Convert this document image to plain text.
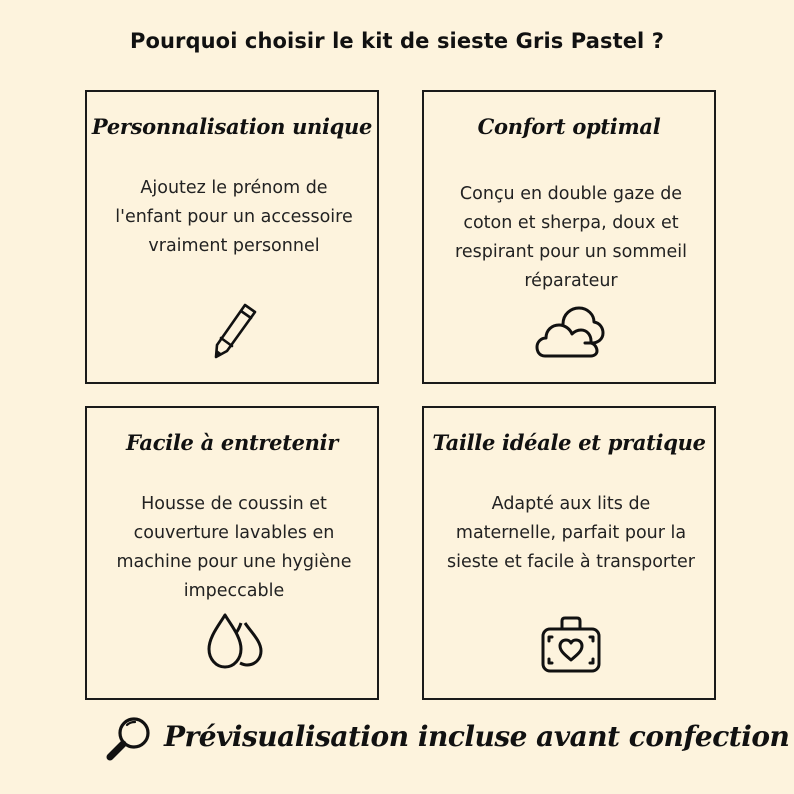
Pourquoi choisir le kit de sieste Gris Pastel ?
Personnalisation unique
Ajoutez le prénom de
l'enfant pour un accessoire
vraiment personnel
Confort optimal
Conçu en double gaze de
coton et sherpa, doux et
respirant pour un sommeil
réparateur
Facile à entretenir
Housse de coussin et
couverture lavables en
machine pour une hygiène
impeccable
Taille idéale et pratique
Adapté aux lits de
maternelle, parfait pour la
sieste et facile à transporter
Prévisualisation incluse avant confection
